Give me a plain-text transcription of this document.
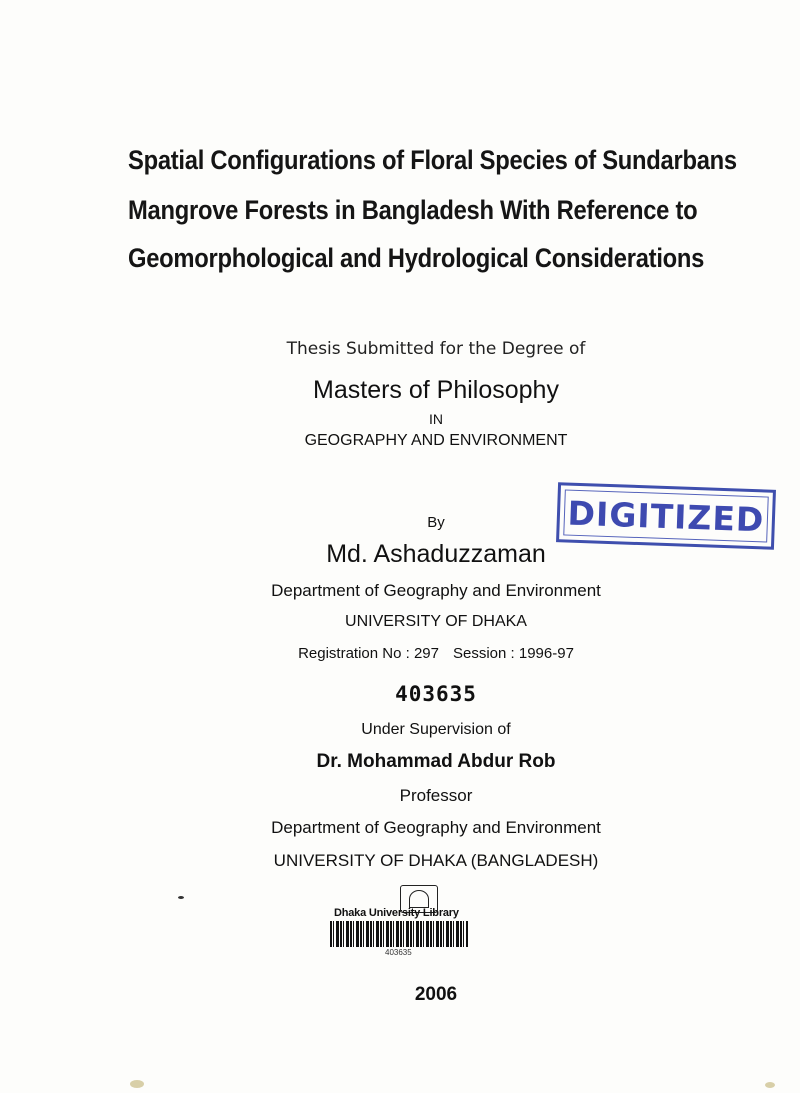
Spatial Configurations of Floral Species of Sundarbans
Mangrove Forests in Bangladesh With Reference to
Geomorphological and Hydrological Considerations
Thesis Submitted for the Degree of
Masters of Philosophy
IN
GEOGRAPHY AND ENVIRONMENT
By
Md. Ashaduzzaman
Department of Geography and Environment
UNIVERSITY OF DHAKA
Registration No : 297 Session : 1996-97
403635
Under Supervision of
Dr. Mohammad Abdur Rob
Professor
Department of Geography and Environment
UNIVERSITY OF DHAKA (BANGLADESH)
DIGITIZED
Dhaka University Library
403635
2006
